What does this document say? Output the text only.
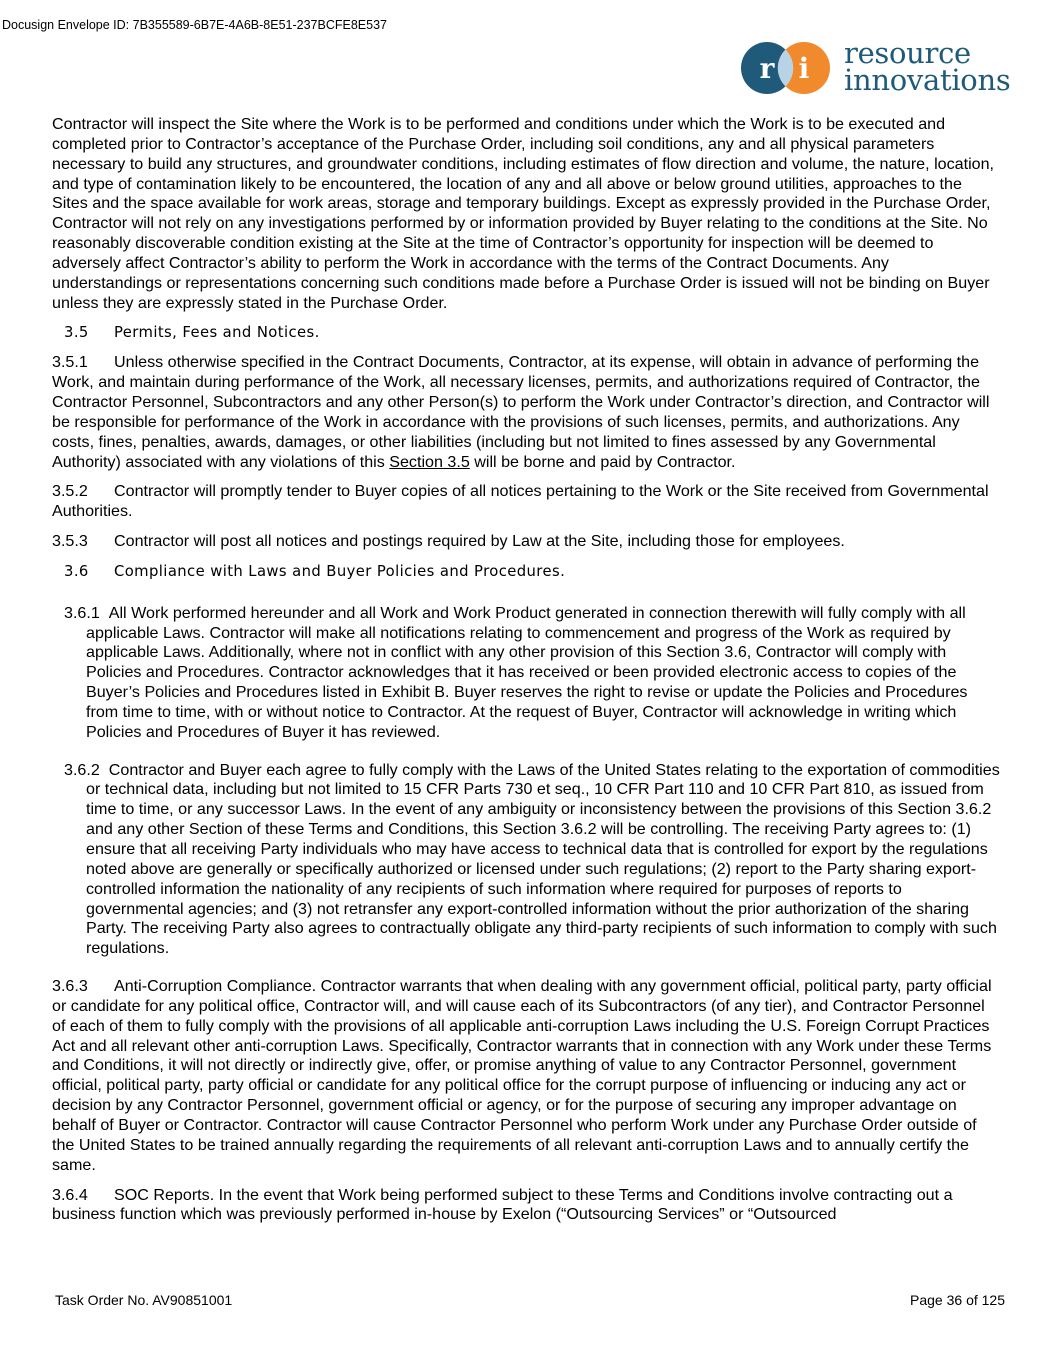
Docusign Envelope ID: 7B355589-6B7E-4A6B-8E51-237BCFE8E537
r i resource
innovations

Contractor will inspect the Site where the Work is to be performed and conditions under which the Work is to be executed and completed prior to Contractor’s acceptance of the Purchase Order, including soil conditions, any and all physical parameters necessary to build any structures, and groundwater conditions, including estimates of flow direction and volume, the nature, location, and type of contamination likely to be encountered, the location of any and all above or below ground utilities, approaches to the Sites and the space available for work areas, storage and temporary buildings. Except as expressly provided in the Purchase Order, Contractor will not rely on any investigations performed by or information provided by Buyer relating to the conditions at the Site. No reasonably discoverable condition existing at the Site at the time of Contractor’s opportunity for inspection will be deemed to adversely affect Contractor’s ability to perform the Work in accordance with the terms of the Contract Documents. Any understandings or representations concerning such conditions made before a Purchase Order is issued will not be binding on Buyer unless they are expressly stated in the Purchase Order.

3.5 Permits, Fees and Notices.

3.5.1 Unless otherwise specified in the Contract Documents, Contractor, at its expense, will obtain in advance of performing the Work, and maintain during performance of the Work, all necessary licenses, permits, and authorizations required of Contractor, the Contractor Personnel, Subcontractors and any other Person(s) to perform the Work under Contractor’s direction, and Contractor will be responsible for performance of the Work in accordance with the provisions of such licenses, permits, and authorizations. Any costs, fines, penalties, awards, damages, or other liabilities (including but not limited to fines assessed by any Governmental Authority) associated with any violations of this Section 3.5 will be borne and paid by Contractor.

3.5.2 Contractor will promptly tender to Buyer copies of all notices pertaining to the Work or the Site received from Governmental Authorities.

3.5.3 Contractor will post all notices and postings required by Law at the Site, including those for employees.

3.6 Compliance with Laws and Buyer Policies and Procedures.

3.6.1 All Work performed hereunder and all Work and Work Product generated in connection therewith will fully comply with all applicable Laws. Contractor will make all notifications relating to commencement and progress of the Work as required by applicable Laws. Additionally, where not in conflict with any other provision of this Section 3.6, Contractor will comply with Policies and Procedures. Contractor acknowledges that it has received or been provided electronic access to copies of the Buyer’s Policies and Procedures listed in Exhibit B. Buyer reserves the right to revise or update the Policies and Procedures from time to time, with or without notice to Contractor. At the request of Buyer, Contractor will acknowledge in writing which Policies and Procedures of Buyer it has reviewed.

3.6.2 Contractor and Buyer each agree to fully comply with the Laws of the United States relating to the exportation of commodities or technical data, including but not limited to 15 CFR Parts 730 et seq., 10 CFR Part 110 and 10 CFR Part 810, as issued from time to time, or any successor Laws. In the event of any ambiguity or inconsistency between the provisions of this Section 3.6.2 and any other Section of these Terms and Conditions, this Section 3.6.2 will be controlling. The receiving Party agrees to: (1) ensure that all receiving Party individuals who may have access to technical data that is controlled for export by the regulations noted above are generally or specifically authorized or licensed under such regulations; (2) report to the Party sharing export-controlled information the nationality of any recipients of such information where required for purposes of reports to governmental agencies; and (3) not retransfer any export-controlled information without the prior authorization of the sharing Party. The receiving Party also agrees to contractually obligate any third-party recipients of such information to comply with such regulations.

3.6.3 Anti-Corruption Compliance. Contractor warrants that when dealing with any government official, political party, party official or candidate for any political office, Contractor will, and will cause each of its Subcontractors (of any tier), and Contractor Personnel of each of them to fully comply with the provisions of all applicable anti-corruption Laws including the U.S. Foreign Corrupt Practices Act and all relevant other anti-corruption Laws. Specifically, Contractor warrants that in connection with any Work under these Terms and Conditions, it will not directly or indirectly give, offer, or promise anything of value to any Contractor Personnel, government official, political party, party official or candidate for any political office for the corrupt purpose of influencing or inducing any act or decision by any Contractor Personnel, government official or agency, or for the purpose of securing any improper advantage on behalf of Buyer or Contractor. Contractor will cause Contractor Personnel who perform Work under any Purchase Order outside of the United States to be trained annually regarding the requirements of all relevant anti-corruption Laws and to annually certify the same.

3.6.4 SOC Reports. In the event that Work being performed subject to these Terms and Conditions involve contracting out a business function which was previously performed in-house by Exelon (“Outsourcing Services” or “Outsourced

Task Order No. AV90851001	Page 36 of 125
